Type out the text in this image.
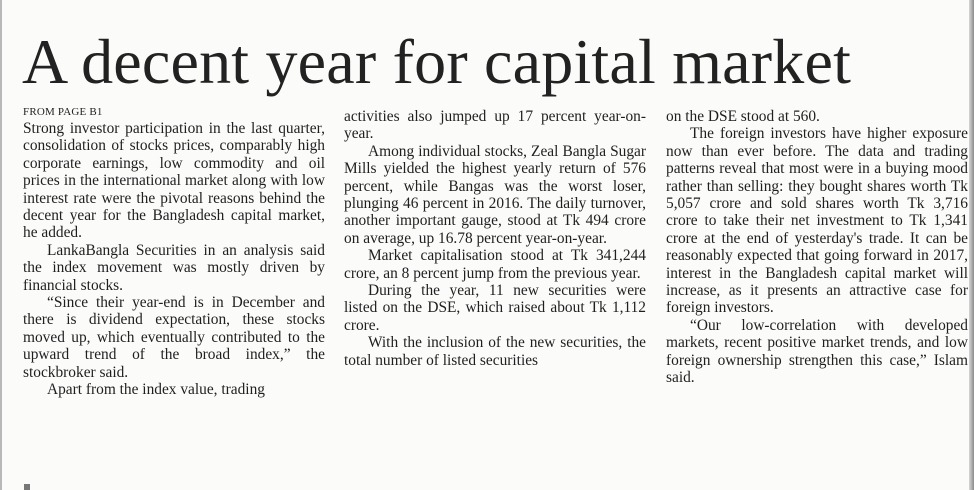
A decent year for capital market
FROM PAGE B1

Strong investor participation in the last quarter, consolidation of stocks prices, comparably high corporate earnings, low commodity and oil prices in the international market along with low interest rate were the pivotal reasons behind the decent year for the Bangladesh capital market, he added.

LankaBangla Securities in an analysis said the index movement was mostly driven by financial stocks.

“Since their year-end is in December and there is dividend expectation, these stocks moved up, which eventually contributed to the upward trend of the broad index,” the stockbroker said.

Apart from the index value, trading

activities also jumped up 17 percent year-on-year.

Among individual stocks, Zeal Bangla Sugar Mills yielded the highest yearly return of 576 percent, while Bangas was the worst loser, plunging 46 percent in 2016. The daily turnover, another important gauge, stood at Tk 494 crore on average, up 16.78 percent year-on-year.

Market capitalisation stood at Tk 341,244 crore, an 8 percent jump from the previous year.

During the year, 11 new securities were listed on the DSE, which raised about Tk 1,112 crore.

With the inclusion of the new securities, the total number of listed securities

on the DSE stood at 560.

The foreign investors have higher exposure now than ever before. The data and trading patterns reveal that most were in a buying mood rather than selling: they bought shares worth Tk 5,057 crore and sold shares worth Tk 3,716 crore to take their net investment to Tk 1,341 crore at the end of yesterday's trade. It can be reasonably expected that going forward in 2017, interest in the Bangladesh capital market will increase, as it presents an attractive case for foreign investors.

“Our low-correlation with developed markets, recent positive market trends, and low foreign ownership strengthen this case,” Islam said.
